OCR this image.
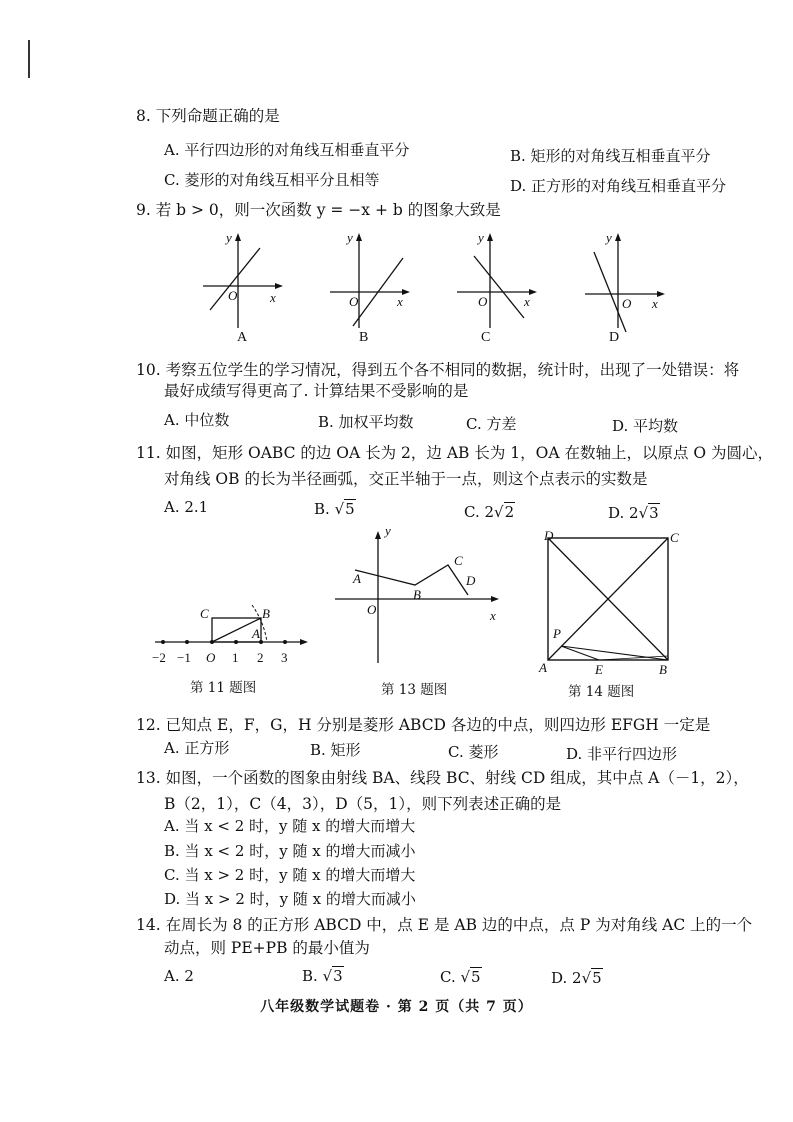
8. 下列命题正确的是
A. 平行四边形的对角线互相垂直平分	B. 矩形的对角线互相垂直平分
C. 菱形的对角线互相平分且相等	D. 正方形的对角线互相垂直平分
9. 若 b > 0，则一次函数 y = −x + b 的图象大致是
y
x
O
A
y
x
O
B
y
x
O
C
y
x
O
D
10. 考察五位学生的学习情况，得到五个各不相同的数据，统计时，出现了一处错误：将
最好成绩写得更高了. 计算结果不受影响的是
A. 中位数	B. 加权平均数	C. 方差	D. 平均数
11. 如图，矩形 OABC 的边 OA 长为 2，边 AB 长为 1，OA 在数轴上，以原点 O 为圆心，
对角线 OB 的长为半径画弧，交正半轴于一点，则这个点表示的实数是
A. 2.1	B. √5	C. 2√2	D. 2√3
C	B
A
−2 −1 O 1 2 3
第 11 题图
y
x
O
A
B
C
D
第 13 题图
D	C
A	E	B
P
第 14 题图
12. 已知点 E，F，G，H 分别是菱形 ABCD 各边的中点，则四边形 EFGH 一定是
A. 正方形	B. 矩形	C. 菱形	D. 非平行四边形
13. 如图，一个函数的图象由射线 BA、线段 BC、射线 CD 组成，其中点 A（－1，2），
B（2，1），C（4，3），D（5，1），则下列表述正确的是
A. 当 x < 2 时，y 随 x 的增大而增大
B. 当 x < 2 时，y 随 x 的增大而减小
C. 当 x > 2 时，y 随 x 的增大而增大
D. 当 x > 2 时，y 随 x 的增大而减小
14. 在周长为 8 的正方形 ABCD 中，点 E 是 AB 边的中点，点 P 为对角线 AC 上的一个
动点，则 PE+PB 的最小值为
A. 2	B. √3	C. √5	D. 2√5
八年级数学试题卷 · 第 2 页（共 7 页）
